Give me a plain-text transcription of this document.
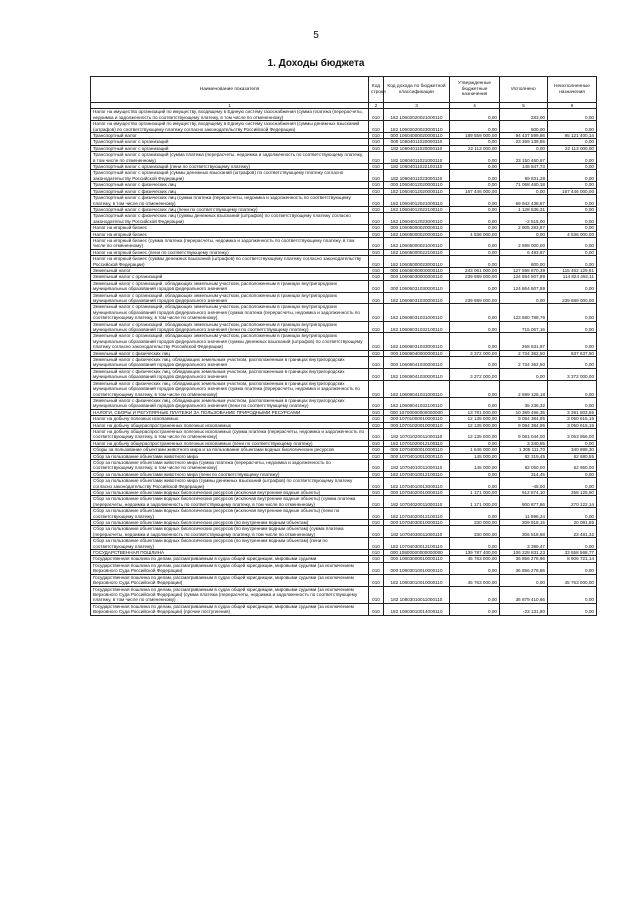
5
1. Доходы бюджета
Наименование показателя	Код строки	Код дохода по бюджетной классификации	Утвержденные бюджетные назначения	Исполнено	Неисполненные назначения
1	2	3	4	5	6
Налог на имущество организаций по имуществу, входящему в Единую систему газоснабжения (сумма платежа (перерасчеты, недоимка и задолженность по соответствующему платежу, в том числе по отмененному)	010	182 10602020021000110	0,00	283,00	0,00
Налог на имущество организаций по имуществу, входящему в Единую систему газоснабжения (суммы денежных взысканий (штрафов) по соответствующему платежу согласно законодательству Российской Федерации)	010	182 10602020023000110	0,00	500,00	0,00
Транспортный налог	010	000 10604000020000110	189 559 000,00	94 437 599,86	95 121 400,14
Транспортный налог с организаций	010	000 10604011020000110	0,00	23 369 139,55	0,00
Транспортный налог с организаций	010	182 10604011020000110	22 113 000,00	0,00	22 113 000,00
Транспортный налог с организаций (сумма платежа (перерасчеты, недоимка и задолженность по соответствующему платежу, в том числе по отмененному)	010	182 10604011021000110	0,00	23 150 460,67	0,00
Транспортный налог с организаций (пени по соответствующему платежу)	010	182 10604011022100110	0,00	148 847,73	0,00
Транспортный налог с организаций (суммы денежных взысканий (штрафов) по соответствующему платежу согласно законодательству Российской Федерации)	010	182 10604011023000110	0,00	69 831,28	0,00
Транспортный налог с физических лиц	010	000 10604012020000110	0,00	71 068 460,18	0,00
Транспортный налог с физических лиц	010	182 10604012020000110	167 446 000,00	0,00	167 446 000,00
Транспортный налог с физических лиц (сумма платежа (перерасчеты, недоимка и задолженность по соответствующему платежу, в том числе по отмененному)	010	182 10604012021000110	0,00	69 942 438,67	0,00
Транспортный налог с физических лиц (пени по соответствующему платежу)	010	182 10604012022100110	0,00	1 128 536,31	0,00
Транспортный налог с физических лиц (суммы денежных взысканий (штрафов) по соответствующему платежу согласно законодательству Российской Федерации)	010	182 10604012023000110	0,00	-2 515,00	0,00
Налог на игорный бизнес	010	000 10605000020000110	0,00	2 905 283,87	0,00
Налог на игорный бизнес	010	182 10605000020000110	4 536 000,00	0,00	4 536 000,00
Налог на игорный бизнес (сумма платежа (перерасчеты, недоимка и задолженность по соответствующему платежу, в том числе по отмененному)	010	182 10605000021000110	0,00	2 898 000,00	0,00
Налог на игорный бизнес (пени по соответствующему платежу)	010	182 10605000022100110	0,00	6 483,87	0,00
Налог на игорный бизнес (суммы денежных взысканий (штрафов) по соответствующему платежу согласно законодательству Российской Федерации)	010	182 10605000023000110	0,00	800,00	0,00
Земельный налог	010	000 10606000000000110	243 061 000,00	127 598 870,39	115 462 129,61
Земельный налог с организаций	010	000 10606030000000110	239 689 000,00	124 864 507,89	114 824 492,11
Земельный налог с организаций, обладающих земельным участком, расположенным в границах внутригородских муниципальных образований городов федерального значения	010	000 10606031030000110	0,00	124 864 507,89	0,00
Земельный налог с организаций, обладающих земельным участком, расположенным в границах внутригородских муниципальных образований городов федерального значения	010	182 10606031030000110	239 689 000,00	0,00	239 689 000,00
Земельный налог с организаций, обладающих земельным участком, расположенным в границах внутригородских муниципальных образований городов федерального значения (сумма платежа (перерасчеты, недоимка и задолженность по соответствующему платежу, в том числе по отмененному)	010	182 10606031031000110	0,00	123 680 788,76	0,00
Земельный налог с организаций, обладающих земельным участком, расположенным в границах внутригородских муниципальных образований городов федерального значения (пени по соответствующему платежу)	010	182 10606031032100110	0,00	715 067,16	0,00
Земельный налог с организаций, обладающих земельным участком, расположенным в границах внутригородских муниципальных образований городов федерального значения (суммы денежных взысканий (штрафов) по соответствующему платежу согласно законодательству Российской Федерации)	010	182 10606031033000110	0,00	268 631,97	0,00
Земельный налог с физических лиц	010	000 10606040000000110	3 372 000,00	2 734 362,50	637 637,50
Земельный налог с физических лиц, обладающих земельным участком, расположенным в границах внутригородских муниципальных образований городов федерального значения	010	000 10606041030000110	0,00	2 734 362,50	0,00
Земельный налог с физических лиц, обладающих земельным участком, расположенным в границах внутригородских муниципальных образований городов федерального значения	010	182 10606041030000110	3 372 000,00	0,00	3 372 000,00
Земельный налог с физических лиц, обладающих земельным участком, расположенным в границах внутригородских муниципальных образований городов федерального значения (сумма платежа (перерасчеты, недоимка и задолженность по соответствующему платежу, в том числе по отмененному)	010	182 10606041031000110	0,00	2 699 126,18	0,00
Земельный налог с физических лиц, обладающих земельным участком, расположенным в границах внутригородских муниципальных образований городов федерального значения (пени по соответствующему платежу)	010	182 10606041032100110	0,00	35 236,32	0,00
НАЛОГИ, СБОРЫ И РЕГУЛЯРНЫЕ ПЛАТЕЖИ ЗА ПОЛЬЗОВАНИЕ ПРИРОДНЫМИ РЕСУРСАМИ	010	000 10700000000000000	13 781 000,00	10 389 496,35	3 391 503,65
Налог на добычу полезных ископаемых	010	000 10701000010000110	12 135 000,00	9 084 384,85	3 050 615,15
Налог на добычу общераспространенных полезных ископаемых	010	000 10701020010000110	12 135 000,00	9 084 384,85	3 050 615,15
Налог на добычу общераспространенных полезных ископаемых (сумма платежа (перерасчеты, недоимка и задолженность по соответствующему платежу, в том числе по отмененному)	010	182 10701020011000110	12 135 000,00	9 081 044,00	3 053 956,00
Налог на добычу общераспространенных полезных ископаемых (пени по соответствующему платежу)	010	182 10701020012100110	0,00	3 340,85	0,00
Сборы за пользование объектами животного мира и за пользование объектами водных биологических ресурсов	010	000 10704000010000110	1 646 000,00	1 305 111,70	340 888,30
Сбор за пользование объектами животного мира	010	000 10704010010000110	145 000,00	82 319,45	62 680,55
Сбор за пользование объектами животного мира (сумма платежа (перерасчеты, недоимка и задолженность по соответствующему платежу, в том числе по отмененному)	010	182 10704010011000110	145 000,00	82 050,00	62 950,00
Сбор за пользование объектами животного мира (пени по соответствующему платежу)	010	182 10704010012100110	0,00	314,45	0,00
Сбор за пользование объектами животного мира (суммы денежных взысканий (штрафов) по соответствующему платежу согласно законодательству Российской Федерации)	010	182 10704010013000110	0,00	-45,00	0,00
Сбор за пользование объектами водных биологических ресурсов (исключая внутренние водные объекты)	010	000 10704020010000110	1 171 000,00	912 874,10	258 125,90
Сбор за пользование объектами водных биологических ресурсов (исключая внутренние водные объекты) (сумма платежа (перерасчеты, недоимка и задолженность по соответствующему платежу, в том числе по отмененному)	010	182 10704020011000110	1 171 000,00	900 877,86	270 122,14
Сбор за пользование объектами водных биологических ресурсов (исключая внутренние водные объекты) (пени по соответствующему платежу)	010	182 10704020012100110	0,00	11 996,24	0,00
Сбор за пользование объектами водных биологических ресурсов (по внутренним водным объектам)	010	000 10704030010000110	330 000,00	309 918,15	20 081,85
Сбор за пользование объектами водных биологических ресурсов (по внутренним водным объектам) (сумма платежа (перерасчеты, недоимка и задолженность по соответствующему платежу, в том числе по отмененному)	010	182 10704030011000110	330 000,00	306 518,68	23 481,32
Сбор за пользование объектами водных биологических ресурсов (по внутренним водным объектам) (пени по соответствующему платежу)	010	182 10704030012100110	0,00	3 399,47	0,00
ГОСУДАРСТВЕННАЯ ПОШЛИНА	010	000 10800000000000000	139 787 400,00	106 228 831,23	33 558 568,77
Государственная пошлина по делам, рассматриваемым в судах общей юрисдикции, мировыми судьями	010	000 10803000010000110	45 763 000,00	36 856 278,86	8 906 721,14
Государственная пошлина по делам, рассматриваемым в судах общей юрисдикции, мировыми судьями (за исключением Верховного Суда Российской Федерации)	010	000 10803010010000110	0,00	36 856 278,86	0,00
Государственная пошлина по делам, рассматриваемым в судах общей юрисдикции, мировыми судьями (за исключением Верховного Суда Российской Федерации)	010	182 10803010010000110	45 763 000,00	0,00	45 763 000,00
Государственная пошлина по делам, рассматриваемым в судах общей юрисдикции, мировыми судьями (за исключением Верховного Суда Российской Федерации) (сумма платежа (перерасчеты, недоимка и задолженность по соответствующему платежу, в том числе по отмененному)	010	182 10803010011000110	0,00	36 879 410,66	0,00
Государственная пошлина по делам, рассматриваемым в судах общей юрисдикции, мировыми судьями (за исключением Верховного Суда Российской Федерации) (прочие поступления)	010	182 10803010014000110	0,00	-23 131,80	0,00
